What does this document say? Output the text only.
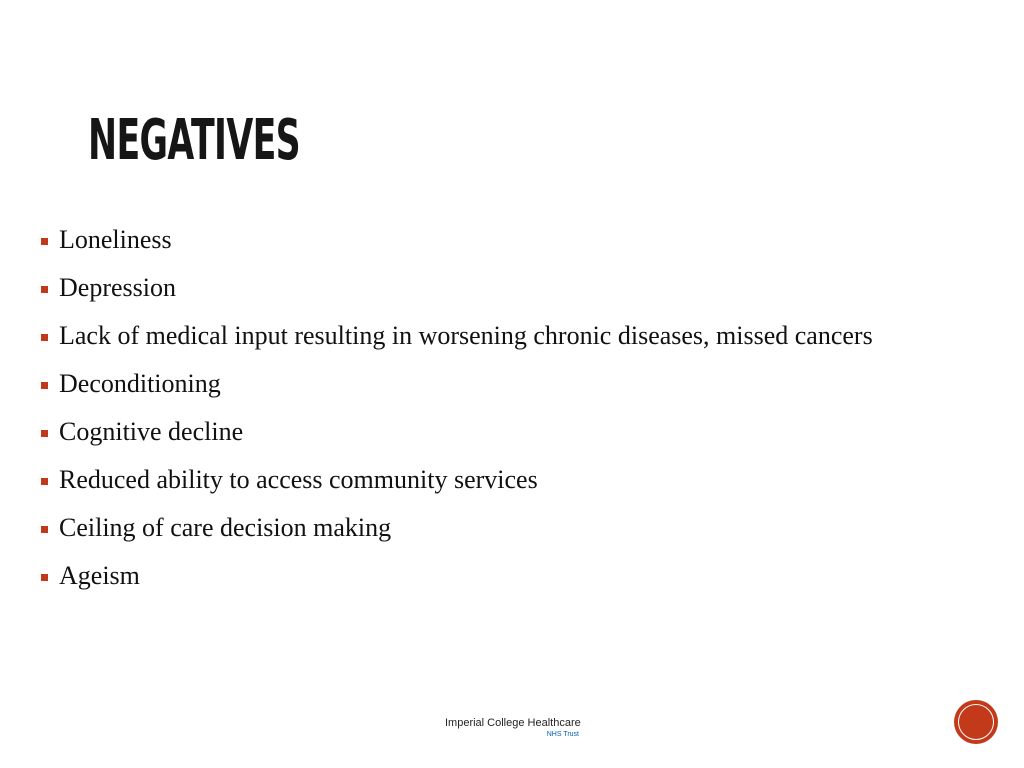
NEGATIVES
Loneliness
Depression
Lack of medical input resulting in worsening chronic diseases, missed cancers
Deconditioning
Cognitive decline
Reduced ability to access community services
Ceiling of care decision making
Ageism
Imperial College Healthcare
NHS Trust
